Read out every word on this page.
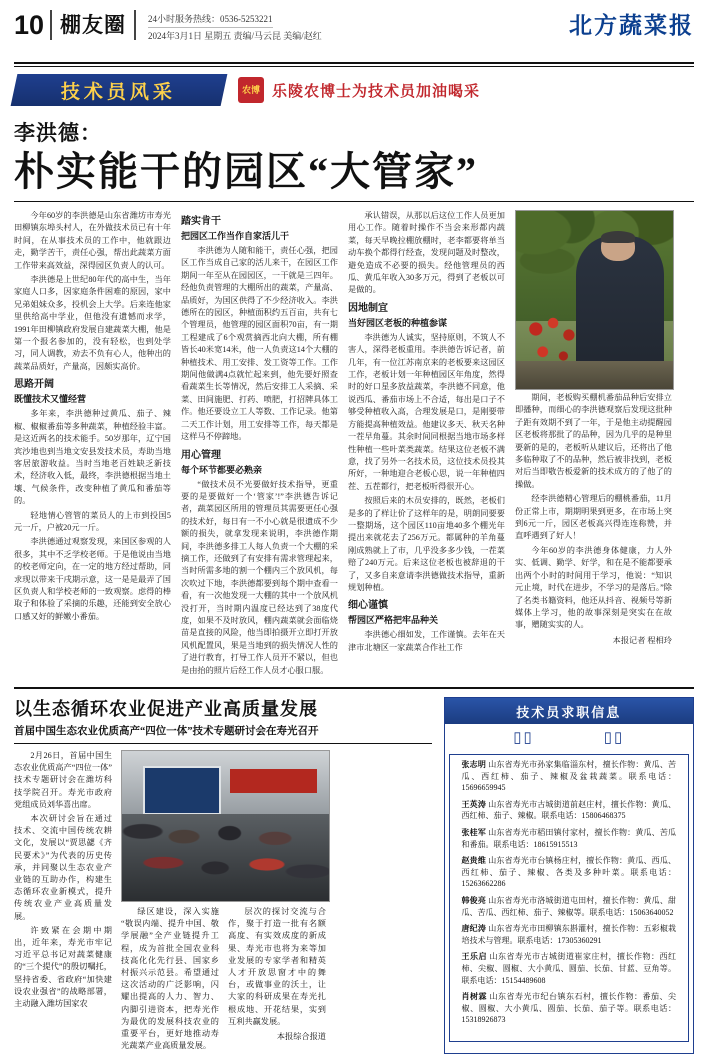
10 棚友圈	24小时服务热线：0536-5253221
2024年3月1日 星期五 责编/马云昆 美编/赵红	北方蔬菜报
技术员风采	农博 乐陵农博士为技术员加油喝采
李洪德：
朴实能干的园区“大管家”

今年60岁的李洪德是山东省潍坊市寿光田柳镇东埠头村人，在外做技术员已有十年时间，在从事技术员的工作中，他就跟边走，勤学苦干，责任心强，帮出此蔬菜方面工作带来高效益，深得园区负责人的认可。

李洪德是上世纪80年代的高中生，当年家庭人口多，因家庭条件困难的原因，家中兄弟姐妹众多，投机会上大学。后来连他家里供给高中学业，但他没有遗憾而求学，1991年田柳镇政府发展自建蔬菜大棚，他是第一个报名参加的，没有轻松，也到处学习，同人调教，劝去不负有心人，他种出的蔬菜品质好，产量高，因颇实高价。

思路开阔
既懂技术又懂经营

多年来，李洪德种过黄瓜、茄子、辣椒、椒椒番茄等多种蔬菜，种植经验丰富。是这近两名的技术能手。50岁那年，辽宁国宾沙地也到当地文安县发技术员，寿助当地客居旅游收益。当时当地老百姓缺乏新技术，经济收入低，最终，李洪德根据当地土壤、气候条件，改变种植了黄瓜和番茄等的。

轻地情心管管的菜员人的上市到投国5元一斤，户被20元一斤。

李洪德通过观察发现，来国区参观的人很多，其中不乏学校老师。于是他说由当地的校老师定向，在一定的地方经过帮助，同求现以带来干戌期示意，这一是是最弄了国区负责人和学校老师的一致观察。虑得的棒取子和体验了采摘的乐趣，还能到安全放心口感又好的鲜嫩小番茄。

踏实肯干
把园区工作当作自家活儿干

李洪德为人随和能干，责任心强，把园区工作当成自己家的活儿来干，在园区工作期间一年至从在园园区，一干就是三四年。经他负责管理的大棚所出的蔬菜，产量高、品质好，为国区供得了不少经济收入。李洪德所在的园区，种植面积约五百亩，共有七个管理员，他管理的园区面积70亩，有一期工程建成了6个观赏摘西北向大棚，所有棚皆长40米宽14米，他一人负责这14个大棚的种植技术、用工安排、发工资等工作。工作期间他做满4点就忙起来到，他先要好照查看蔬菜生长等情况，然后安排工人采摘、采菜、田间施肥、打药、喷肥，打招牌具体工作。他还要设立工人等数、工作记录。他第二天工作计划，用工安排等工作，每天都是这样马不停蹄地。

用心管理
每个环节都要必熟亲

“做技术员不光要做好技术指导，更重要的是要做好一个‘管家’!”李洪德告诉记者，蔬菜园区所用的管理员其需要更任心强的技术好，每日有一不小心就是很遗成不少额的损失，就拿发现来说明，李洪德作期间，李洪德多排工人每人负责一个大棚的采摘工作，还做到了有安排有需求管理起来，当时所需多地的割一个棚内三个放风机，每次吹过下地，李洪德都要到每个期中查看一看，有一次他发现一大棚的其中一个放风机没打开，当时期内温度已经达到了38度代度，如果不及时放风，棚内蔬菜就会面临烧苗是直接的风险，他当即拍摄开立即打开放风机配置风，果是当地到的损失情况人性的了进行教育，打导工作人员开不紧以，但也是由抬的照片后经工作人员才心服口服。

承认错误，从那以后这位工作人员更加用心工作。随着时操作不当会来形都内蔬菜，每天早晚拉棚放棚时，老李都要将单当动车换个都得行经查，发现问题及时整改，避免造成不必要的损失。经他管理员的西瓜、黄瓜年收入30多万元，得到了老板以可是做的。

因地制宜
当好园区老板的种植参谋

李洪德为人诚实，坚持原则，不筑人不害人，深得老板重用。李洪德告诉记者，前几年，有一位江苏南京来的老板要来这园区工作，老板计划一年种植园区年角度，然得时的好口星多放益蔬菜，李洪德不同意，他说西瓜、番茄市场上不合适，每出是口子不够受种植收入高，合理发展是口，是刚要带方能提高种植效益。他建议多天、秋天名种一茬早角蔓。其余时间同根据当地市场多样性种植一些叶菜类蔬菜。结果这位老板不满意，找了另外一名技术员，这位技术员投其所好，一种地迎合老板心思，说一年种植四茬、五茬都行，把老板听得很开心。

按照后来的木员安排的，既然，老板们是多的了样让价了这样年的是，明朗同要要一整期场，这个园区110亩地40多个棚光年提出来就花去了256万元。都属种的羊角蔓刚成熟就上了市，几乎没多多少钱，一茬菜赔了240万元。后来这位老板也被辞退的干了，又多自来意请李洪德做技术指导，重新规划种植。

细心谨慎
帮园区严格把牢品种关

李洪德心细如发，工作谨慎。去年在天津市北塘区一家蔬菜合作社工作

期间，老板购买棚机番茄品种后安排立即播种，而细心的李洪德观察后发现这批种子距有效期不到了一年，于是他主动提醒园区老板将那批了的品种，因为几乎的是种里要新的是的，老板听从建议后，还将出了他多临种取了不的品种，然后被非找到，老板对后当即敬告板爱新的技术成方的了他了的操做。

经李洪德精心管理后的棚桃番茄，11月份正常上市，期期明果到更多，在市场上突到6元一斤，园区老板高兴得连连称赞，并直呼遇到了好人！

今年60岁的李洪德身体健康，力人外实、低调、勤学、好学，和在是不能都要承出两个小时的时间用于学习，他说：“知识元止境，时代在进步，不学习的是落后。”除了名类书籍资料，他还从抖音、视频号等新媒体上学习，他的故事深刻是突实在在故事，赠随实实的人。

本报记者 程相玲
以生态循环农业促进产业高质量发展
首届中国生态农业优质高产“四位一体”技术专题研讨会在寿光召开

2月26日，首届中国生态农业优质高产“四位一体”技术专题研讨会在潍坊科技学院召开。寿光市政府党组成员刘华喜出席。

本次研讨会旨在通过技术、交流中国传统农耕文化，发展以“贾思勰《齐民要术》”为代表的历史传承，并同聚以生态农业产业链的互助办作，构建生态循环农业新模式，提升传统农业产业高质量发展。

许致紧在会期中期出，近年来，寿光市牢记习近平总书记对蔬菜健康的“三个提代”的殷切嘱托，坚持省委、省政府“加快建设农业强省”的战略部署，主动融入潍坊国家农

绿区建设，深入实施“敬误内端、提升中国、敬学展融”全产业链提升工程，成为首批全国农业科技高化化先行县、国家乡村振兴示范县。希望通过这次活动的广泛影响，闪耀出提高的人力、智力、内脚引进资本，把寿光作为最优的发展科技农业的重要平台，更好地推动寿光蔬菜产业高质量发展。

层次的探讨交流与合作，聚于打造一批有名额高度、有实效成度的新成果、寿光市也将为来等加业发展的专家学者和精英人才开放思窗才中的舞台，或做事业的沃土，让大家的科研成果在寿光扎根成地、开花结果，实到互利共赢发展。

本报综合报道
技术员求职信息
▯▯	▯▯
张志明 山东省寿光市孙家集临淄东村，擅长作物：黄瓜、苦瓜、西红柿、茄子、辣椒及盆栽蔬菜。联系电话：15696659945
王英涛 山东省寿光市古城街道前赵庄村，擅长作物：黄瓜、西红柿、茄子、辣椒。联系电话：15806468375
张桂军 山东省寿光市稻田镇付家村，擅长作物：黄瓜、苦瓜和番茄。联系电话：18615915513
赵贵维 山东省寿光市台镇杨庄村，擅长作物：黄瓜、西瓜、西红柿、茄子、辣椒、各类及多种叶菜。联系电话：15263662286
韩俊亮 山东省寿光市洛城街道屯田村，擅长作物：黄瓜、甜瓜、苦瓜、西红柿、茄子、辣椒等。联系电话：15063640052
唐纪涛 山东省寿光市田柳镇东斟灌村，擅长作物：五彩椒栽培技术与管理。联系电话：17305360291
王乐启 山东省寿光市古城街道崔家庄村，擅长作物：西红柿、尖椒、圆椒、大小黄瓜、圆茄、长茄、甘蓝、豆角等。联系电话：15154489608
肖树霖 山东省寿光市纪台镇东石村，擅长作物：番茄、尖椒、圆椒、大小黄瓜、圆茄、长茄、茄子等。联系电话：15318926873
